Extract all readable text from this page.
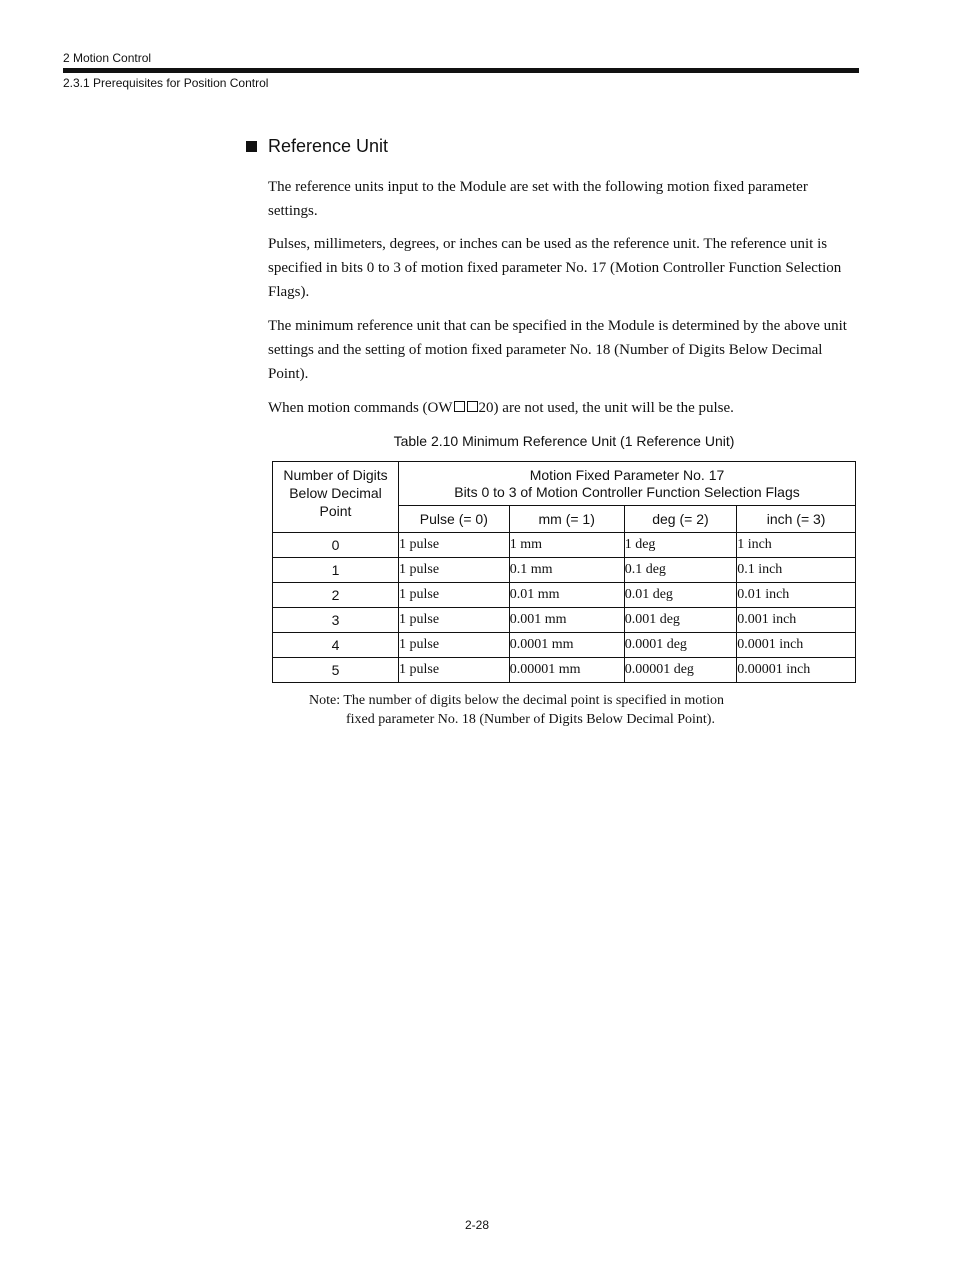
2 Motion Control
2.3.1 Prerequisites for Position Control
Reference Unit

The reference units input to the Module are set with the following motion fixed parameter settings.

Pulses, millimeters, degrees, or inches can be used as the reference unit. The reference unit is specified in bits 0 to 3 of motion fixed parameter No. 17 (Motion Controller Function Selection Flags).

The minimum reference unit that can be specified in the Module is determined by the above unit settings and the setting of motion fixed parameter No. 18 (Number of Digits Below Decimal Point).

When motion commands (OW 20) are not used, the unit will be the pulse.

Table 2.10 Minimum Reference Unit (1 Reference Unit)
Number of Digits Below Decimal Point	Motion Fixed Parameter No. 17
Bits 0 to 3 of Motion Controller Function Selection Flags			

	Pulse (= 0)	mm (= 1)	deg (= 2)	inch (= 3)
0	1 pulse	1 mm	1 deg	1 inch
1	1 pulse	0.1 mm	0.1 deg	0.1 inch
2	1 pulse	0.01 mm	0.01 deg	0.01 inch
3	1 pulse	0.001 mm	0.001 deg	0.001 inch
4	1 pulse	0.0001 mm	0.0001 deg	0.0001 inch
5	1 pulse	0.00001 mm	0.00001 deg	0.00001 inch
Note: The number of digits below the decimal point is specified in motion
fixed parameter No. 18 (Number of Digits Below Decimal Point).
2-28
